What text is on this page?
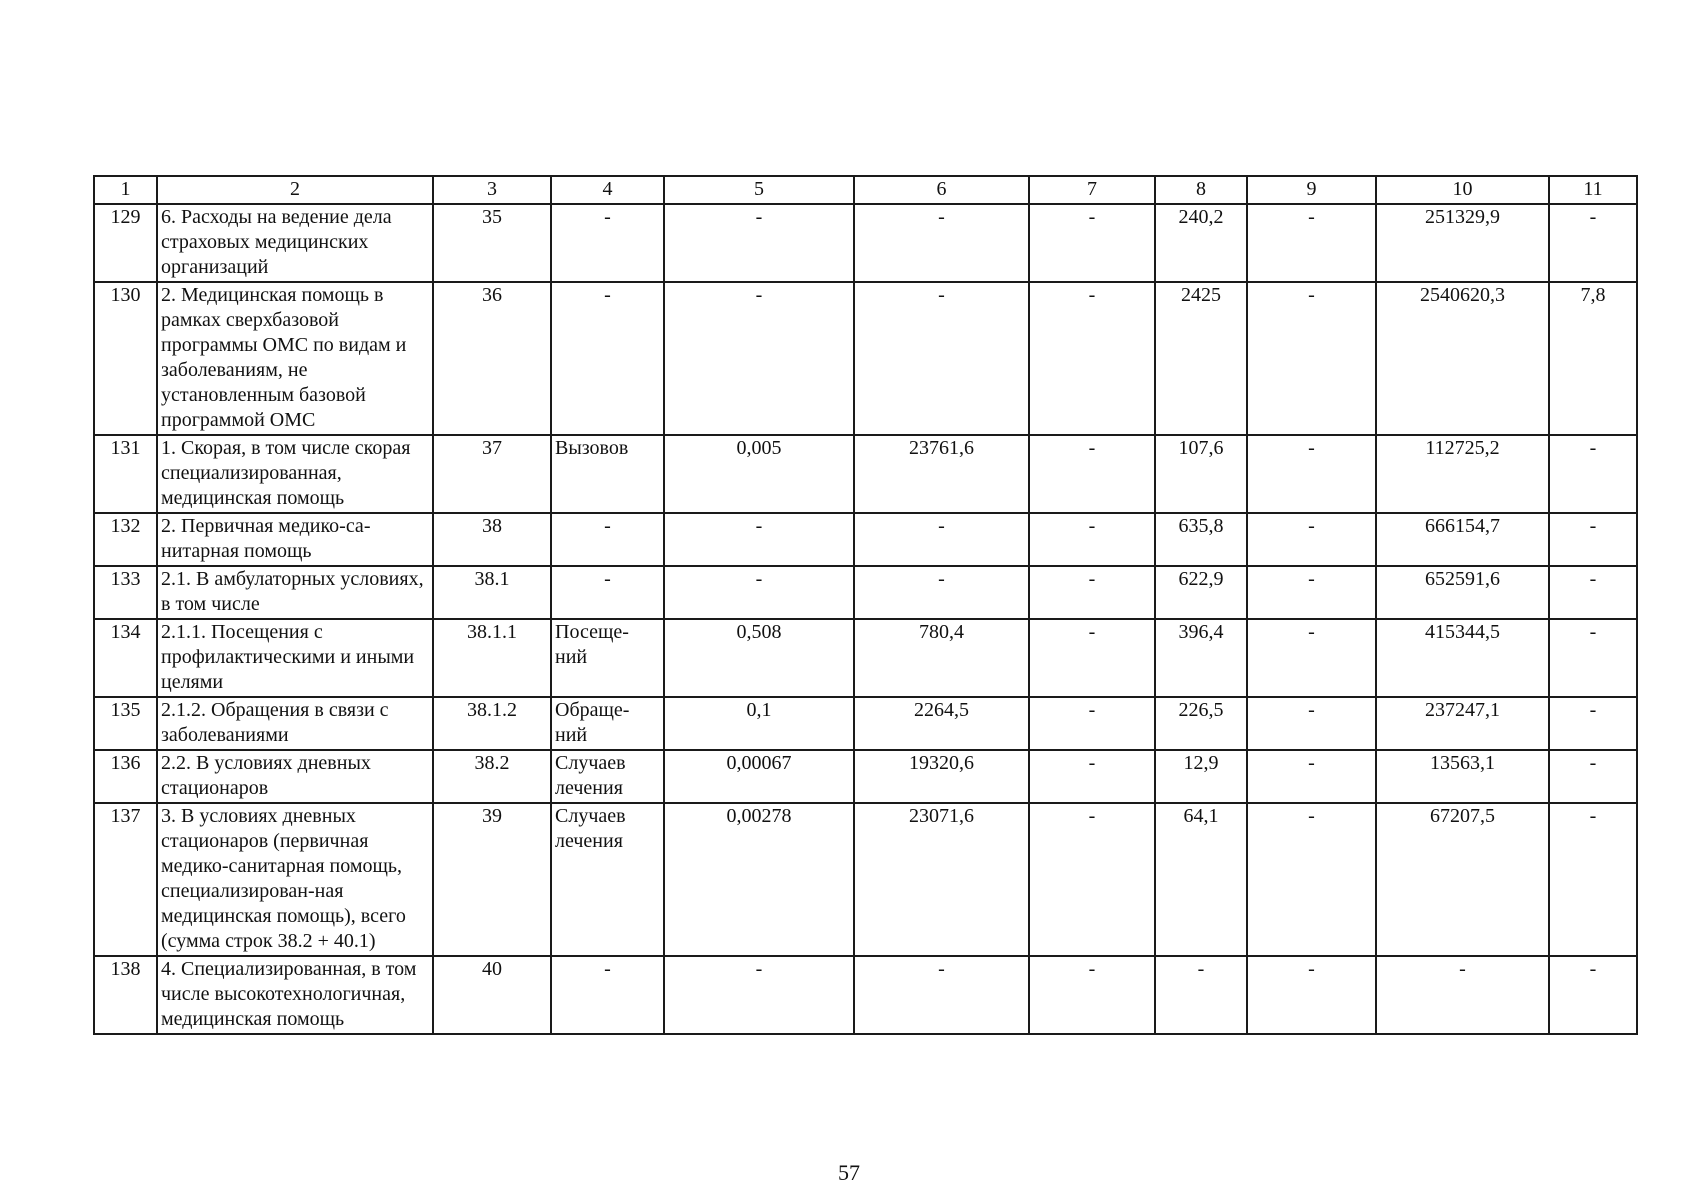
1	2	3	4	5	6	7	8	9	10	11
129	6. Расходы на ведение дела страховых медицинских организаций	35	-	-	-	-	240,2	-	251329,9	-
130	2. Медицинская помощь в рамках сверхбазовой программы ОМС по видам и заболеваниям, не установленным базовой программой ОМС	36	-	-	-	-	2425	-	2540620,3	7,8
131	1. Скорая, в том числе скорая специализированная, медицинская помощь	37	Вызовов	0,005	23761,6	-	107,6	-	112725,2	-
132	2. Первичная медико-са-нитарная помощь	38	-	-	-	-	635,8	-	666154,7	-
133	2.1. В амбулаторных условиях, в том числе	38.1	-	-	-	-	622,9	-	652591,6	-
134	2.1.1. Посещения с профилактическими и иными целями	38.1.1	Посеще-ний	0,508	780,4	-	396,4	-	415344,5	-
135	2.1.2. Обращения в связи с заболеваниями	38.1.2	Обраще-ний	0,1	2264,5	-	226,5	-	237247,1	-
136	2.2. В условиях дневных стационаров	38.2	Случаев лечения	0,00067	19320,6	-	12,9	-	13563,1	-
137	3. В условиях дневных стационаров (первичная медико-санитарная помощь, специализирован-ная медицинская помощь), всего (сумма строк 38.2 + 40.1)	39	Случаев лечения	0,00278	23071,6	-	64,1	-	67207,5	-
138	4. Специализированная, в том числе высокотехнологичная, медицинская помощь	40	-	-	-	-	-	-	-	-
57
